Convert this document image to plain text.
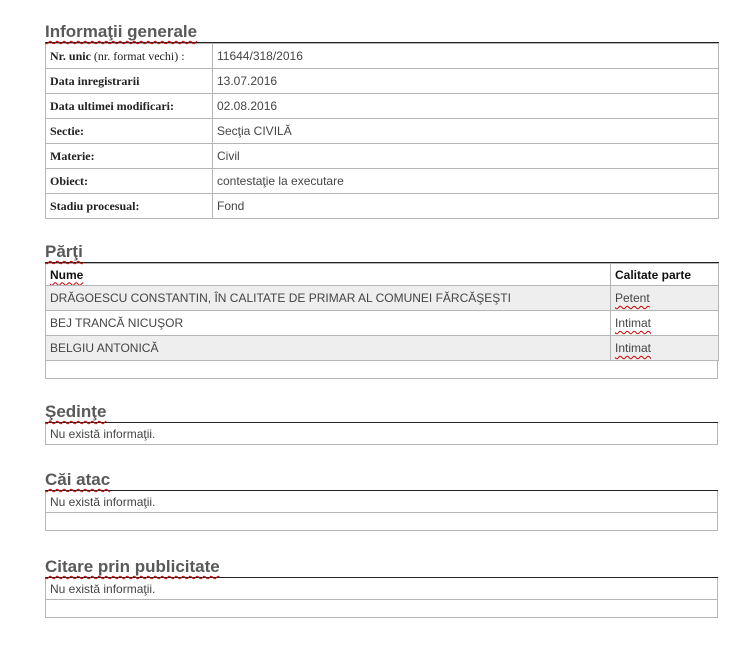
Informaţii generale
Nr. unic (nr. format vechi) :	11644/318/2016
Data inregistrarii	13.07.2016
Data ultimei modificari:	02.08.2016
Sectie:	Secţia CIVILĂ
Materie:	Civil
Obiect:	contestaţie la executare
Stadiu procesual:	Fond
Părţi
Nume	Calitate parte
DRĂGOESCU CONSTANTIN, ÎN CALITATE DE PRIMAR AL COMUNEI FĂRCĂŞEŞTI	Petent
BEJ TRANCĂ NICUŞOR	Intimat
BELGIU ANTONICĂ	Intimat
Şedinţe
Nu există informaţii.
Căi atac
Nu există informaţii.
Citare prin publicitate
Nu există informaţii.
